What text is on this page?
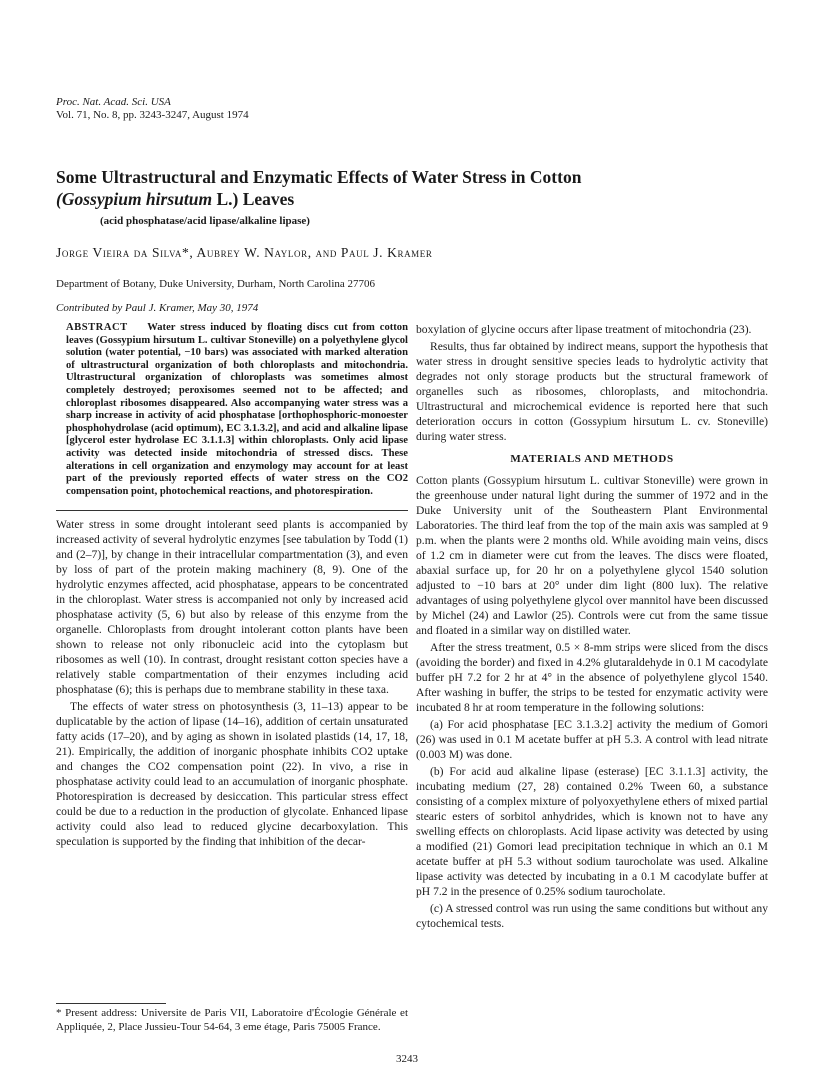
Proc. Nat. Acad. Sci. USA
Vol. 71, No. 8, pp. 3243-3247, August 1974
Some Ultrastructural and Enzymatic Effects of Water Stress in Cotton
(Gossypium hirsutum L.) Leaves
(acid phosphatase/acid lipase/alkaline lipase)
Jorge Vieira da Silva*, Aubrey W. Naylor, and Paul J. Kramer
Department of Botany, Duke University, Durham, North Carolina 27706
Contributed by Paul J. Kramer, May 30, 1974
ABSTRACT Water stress induced by floating discs cut from cotton leaves (Gossypium hirsutum L. cultivar Stoneville) on a polyethylene glycol solution (water potential, −10 bars) was associated with marked alteration of ultrastructural organization of both chloroplasts and mitochondria. Ultrastructural organization of chloroplasts was sometimes almost completely destroyed; peroxisomes seemed not to be affected; and chloroplast ribosomes disappeared. Also accompanying water stress was a sharp increase in activity of acid phosphatase [orthophosphoric-monoester phosphohydrolase (acid optimum), EC 3.1.3.2], and acid and alkaline lipase [glycerol ester hydrolase EC 3.1.1.3] within chloroplasts. Only acid lipase activity was detected inside mitochondria of stressed discs. These alterations in cell organization and enzymology may account for at least part of the previously reported effects of water stress on the CO2 compensation point, photochemical reactions, and photorespiration.

Water stress in some drought intolerant seed plants is accompanied by increased activity of several hydrolytic enzymes [see tabulation by Todd (1) and (2–7)], by change in their intracellular compartmentation (3), and even by loss of part of the protein making machinery (8, 9). One of the hydrolytic enzymes affected, acid phosphatase, appears to be concentrated in the chloroplast. Water stress is accompanied not only by increased acid phosphatase activity (5, 6) but also by release of this enzyme from the organelle. Chloroplasts from drought intolerant cotton plants have been shown to release not only ribonucleic acid into the cytoplasm but ribosomes as well (10). In contrast, drought resistant cotton species have a relatively stable compartmentation of their enzymes including acid phosphatase (6); this is perhaps due to membrane stability in these taxa.

The effects of water stress on photosynthesis (3, 11–13) appear to be duplicatable by the action of lipase (14–16), addition of certain unsaturated fatty acids (17–20), and by aging as shown in isolated plastids (14, 17, 18, 21). Empirically, the addition of inorganic phosphate inhibits CO2 uptake and changes the CO2 compensation point (22). In vivo, a rise in phosphatase activity could lead to an accumulation of inorganic phosphate. Photorespiration is decreased by desiccation. This particular stress effect could be due to a reduction in the production of glycolate. Enhanced lipase activity could also lead to reduced glycine decarboxylation. This speculation is supported by the finding that inhibition of the decar-

boxylation of glycine occurs after lipase treatment of mitochondria (23).

Results, thus far obtained by indirect means, support the hypothesis that water stress in drought sensitive species leads to hydrolytic activity that degrades not only storage products but the structural framework of organelles such as ribosomes, chloroplasts, and mitochondria. Ultrastructural and microchemical evidence is reported here that such deterioration occurs in cotton (Gossypium hirsutum L. cv. Stoneville) during water stress.

MATERIALS AND METHODS

Cotton plants (Gossypium hirsutum L. cultivar Stoneville) were grown in the greenhouse under natural light during the summer of 1972 and in the Duke University unit of the Southeastern Plant Environmental Laboratories. The third leaf from the top of the main axis was sampled at 9 p.m. when the plants were 2 months old. While avoiding main veins, discs of 1.2 cm in diameter were cut from the leaves. The discs were floated, abaxial surface up, for 20 hr on a polyethylene glycol 1540 solution adjusted to −10 bars at 20° under dim light (800 lux). The relative advantages of using polyethylene glycol over mannitol have been discussed by Michel (24) and Lawlor (25). Controls were cut from the same tissue and floated in a similar way on distilled water.

After the stress treatment, 0.5 × 8-mm strips were sliced from the discs (avoiding the border) and fixed in 4.2% glutaraldehyde in 0.1 M cacodylate buffer pH 7.2 for 2 hr at 4° in the absence of polyethylene glycol 1540. After washing in buffer, the strips to be tested for enzymatic activity were incubated 8 hr at room temperature in the following solutions:

(a) For acid phosphatase [EC 3.1.3.2] activity the medium of Gomori (26) was used in 0.1 M acetate buffer at pH 5.3. A control with lead nitrate (0.003 M) was done.

(b) For acid aud alkaline lipase (esterase) [EC 3.1.1.3] activity, the incubating medium (27, 28) contained 0.2% Tween 60, a substance consisting of a complex mixture of polyoxyethylene ethers of mixed partial stearic esters of sorbitol anhydrides, which is known not to have any swelling effects on chloroplasts. Acid lipase activity was detected by using a modified (21) Gomori lead precipitation technique in which an 0.1 M acetate buffer at pH 5.3 without sodium taurocholate was used. Alkaline lipase activity was detected by incubating in a 0.1 M cacodylate buffer at pH 7.2 in the presence of 0.25% sodium taurocholate.

(c) A stressed control was run using the same conditions but without any cytochemical tests.

* Present address: Universite de Paris VII, Laboratoire d'Écologie Générale et Appliquée, 2, Place Jussieu-Tour 54-64, 3 eme étage, Paris 75005 France.
3243
